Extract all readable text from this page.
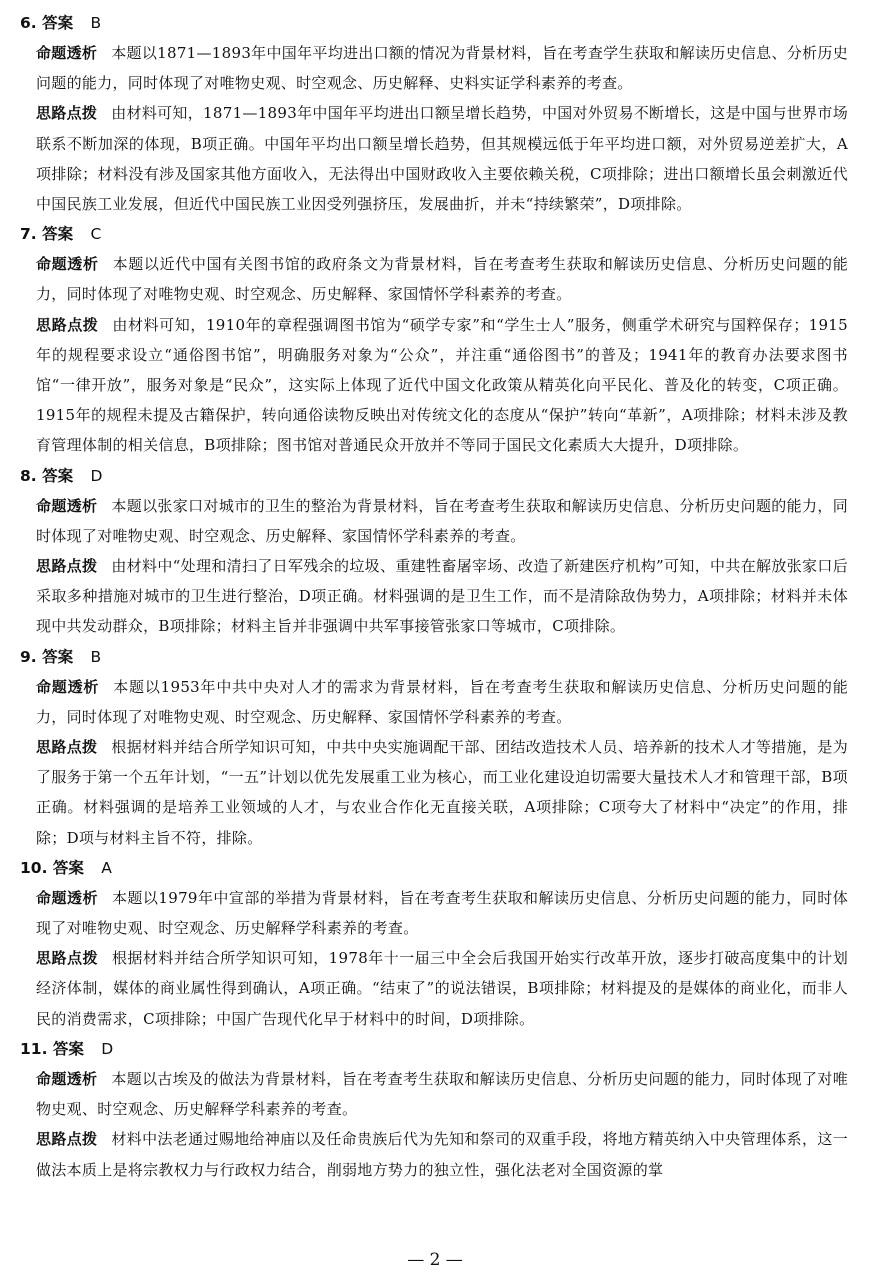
6. 答案 B

命题透析 本题以1871—1893年中国年平均进出口额的情况为背景材料，旨在考查学生获取和解读历史信息、分析历史问题的能力，同时体现了对唯物史观、时空观念、历史解释、史料实证学科素养的考查。

思路点拨 由材料可知，1871—1893年中国年平均进出口额呈增长趋势，中国对外贸易不断增长，这是中国与世界市场联系不断加深的体现，B项正确。中国年平均出口额呈增长趋势，但其规模远低于年平均进口额，对外贸易逆差扩大，A项排除；材料没有涉及国家其他方面收入，无法得出中国财政收入主要依赖关税，C项排除；进出口额增长虽会刺激近代中国民族工业发展，但近代中国民族工业因受列强挤压，发展曲折，并未“持续繁荣”，D项排除。

7. 答案 C

命题透析 本题以近代中国有关图书馆的政府条文为背景材料，旨在考查考生获取和解读历史信息、分析历史问题的能力，同时体现了对唯物史观、时空观念、历史解释、家国情怀学科素养的考查。

思路点拨 由材料可知，1910年的章程强调图书馆为“硕学专家”和“学生士人”服务，侧重学术研究与国粹保存；1915年的规程要求设立“通俗图书馆”，明确服务对象为“公众”，并注重“通俗图书”的普及；1941年的教育办法要求图书馆“一律开放”，服务对象是“民众”，这实际上体现了近代中国文化政策从精英化向平民化、普及化的转变，C项正确。1915年的规程未提及古籍保护，转向通俗读物反映出对传统文化的态度从“保护”转向“革新”，A项排除；材料未涉及教育管理体制的相关信息，B项排除；图书馆对普通民众开放并不等同于国民文化素质大大提升，D项排除。

8. 答案 D

命题透析 本题以张家口对城市的卫生的整治为背景材料，旨在考查考生获取和解读历史信息、分析历史问题的能力，同时体现了对唯物史观、时空观念、历史解释、家国情怀学科素养的考查。

思路点拨 由材料中“处理和清扫了日军残余的垃圾、重建牲畜屠宰场、改造了新建医疗机构”可知，中共在解放张家口后采取多种措施对城市的卫生进行整治，D项正确。材料强调的是卫生工作，而不是清除敌伪势力，A项排除；材料并未体现中共发动群众，B项排除；材料主旨并非强调中共军事接管张家口等城市，C项排除。

9. 答案 B

命题透析 本题以1953年中共中央对人才的需求为背景材料，旨在考查考生获取和解读历史信息、分析历史问题的能力，同时体现了对唯物史观、时空观念、历史解释、家国情怀学科素养的考查。

思路点拨 根据材料并结合所学知识可知，中共中央实施调配干部、团结改造技术人员、培养新的技术人才等措施，是为了服务于第一个五年计划，“一五”计划以优先发展重工业为核心，而工业化建设迫切需要大量技术人才和管理干部，B项正确。材料强调的是培养工业领域的人才，与农业合作化无直接关联，A项排除；C项夸大了材料中“决定”的作用，排除；D项与材料主旨不符，排除。

10. 答案 A

命题透析 本题以1979年中宣部的举措为背景材料，旨在考查考生获取和解读历史信息、分析历史问题的能力，同时体现了对唯物史观、时空观念、历史解释学科素养的考查。

思路点拨 根据材料并结合所学知识可知，1978年十一届三中全会后我国开始实行改革开放，逐步打破高度集中的计划经济体制，媒体的商业属性得到确认，A项正确。“结束了”的说法错误，B项排除；材料提及的是媒体的商业化，而非人民的消费需求，C项排除；中国广告现代化早于材料中的时间，D项排除。

11. 答案 D

命题透析 本题以古埃及的做法为背景材料，旨在考查考生获取和解读历史信息、分析历史问题的能力，同时体现了对唯物史观、时空观念、历史解释学科素养的考查。

思路点拨 材料中法老通过赐地给神庙以及任命贵族后代为先知和祭司的双重手段，将地方精英纳入中央管理体系，这一做法本质上是将宗教权力与行政权力结合，削弱地方势力的独立性，强化法老对全国资源的掌

— 2 —
